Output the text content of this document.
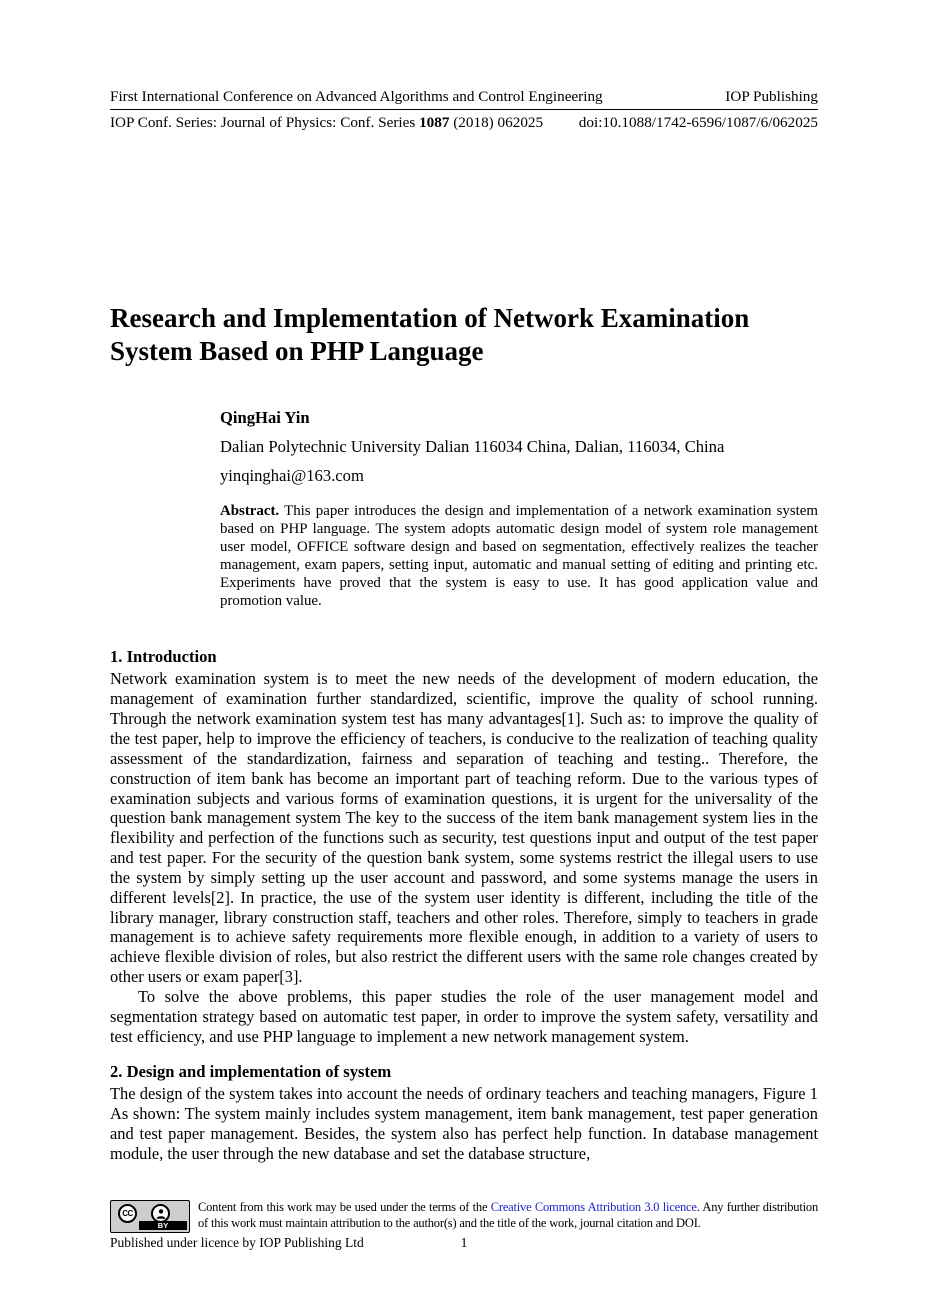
First International Conference on Advanced Algorithms and Control Engineering	IOP Publishing
IOP Conf. Series: Journal of Physics: Conf. Series 1087 (2018) 062025 doi:10.1088/1742-6596/1087/6/062025
Research and Implementation of Network Examination System Based on PHP Language

QingHai Yin

Dalian Polytechnic University Dalian 116034 China, Dalian, 116034, China

yinqinghai@163.com

Abstract. This paper introduces the design and implementation of a network examination system based on PHP language. The system adopts automatic design model of system role management user model, OFFICE software design and based on segmentation, effectively realizes the teacher management, exam papers, setting input, automatic and manual setting of editing and printing etc. Experiments have proved that the system is easy to use. It has good application value and promotion value.

1. Introduction

Network examination system is to meet the new needs of the development of modern education, the management of examination further standardized, scientific, improve the quality of school running. Through the network examination system test has many advantages[1]. Such as: to improve the quality of the test paper, help to improve the efficiency of teachers, is conducive to the realization of teaching quality assessment of the standardization, fairness and separation of teaching and testing.. Therefore, the construction of item bank has become an important part of teaching reform. Due to the various types of examination subjects and various forms of examination questions, it is urgent for the universality of the question bank management system The key to the success of the item bank management system lies in the flexibility and perfection of the functions such as security, test questions input and output of the test paper and test paper. For the security of the question bank system, some systems restrict the illegal users to use the system by simply setting up the user account and password, and some systems manage the users in different levels[2]. In practice, the use of the system user identity is different, including the title of the library manager, library construction staff, teachers and other roles. Therefore, simply to teachers in grade management is to achieve safety requirements more flexible enough, in addition to a variety of users to achieve flexible division of roles, but also restrict the different users with the same role changes created by other users or exam paper[3].

To solve the above problems, this paper studies the role of the user management model and segmentation strategy based on automatic test paper, in order to improve the system safety, versatility and test efficiency, and use PHP language to implement a new network management system.

2. Design and implementation of system

The design of the system takes into account the needs of ordinary teachers and teaching managers, Figure 1 As shown: The system mainly includes system management, item bank management, test paper generation and test paper management. Besides, the system also has perfect help function. In database management module, the user through the new database and set the database structure,

CC
BY

Content from this work may be used under the terms of the Creative Commons Attribution 3.0 licence. Any further distribution of this work must maintain attribution to the author(s) and the title of the work, journal citation and DOI.

Published under licence by IOP Publishing Ltd	1
